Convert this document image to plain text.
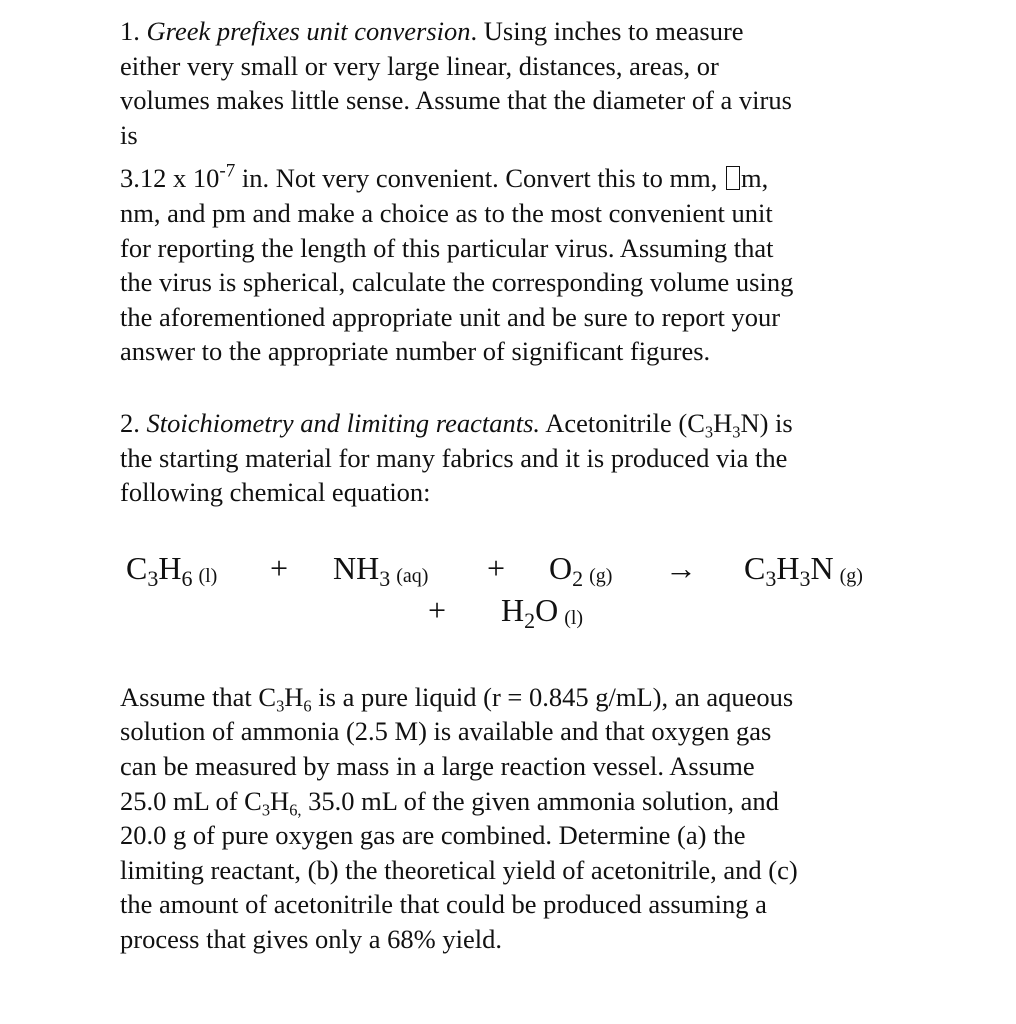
1. Greek prefixes unit conversion. Using inches to measure
either very small or very large linear, distances, areas, or
volumes makes little sense. Assume that the diameter of a virus
is
3.12 x $10^{-7}$ in. Not very convenient. Convert this to mm, m,
nm, and pm and make a choice as to the most convenient unit
for reporting the length of this particular virus. Assuming that
the virus is spherical, calculate the corresponding volume using
the aforementioned appropriate unit and be sure to report your
answer to the appropriate number of significant figures.
2. Stoichiometry and limiting reactants. Acetonitrile $(C_3H_3N)$ is
the starting material for many fabrics and it is produced via the
following chemical equation:
$C_3H_6$ $(l) + NH_3$ $(aq) + O_2$ $(g) \to C_3H_3N$ (g)
+ $H_2O$ (l)
Assume that $C_3H_6$ is a pure liquid (r = 0.845 g/mL), an aqueous
solution of ammonia (2.5 M) is available and that oxygen gas
can be measured by mass in a large reaction vessel. Assume
25.0 mL of $C_3H_{6,}$ 35.0 mL of the given ammonia solution, and
20.0 g of pure oxygen gas are combined. Determine (a) the
limiting reactant, (b) the theoretical yield of acetonitrile, and (c)
the amount of acetonitrile that could be produced assuming a
process that gives only a 68% yield.
